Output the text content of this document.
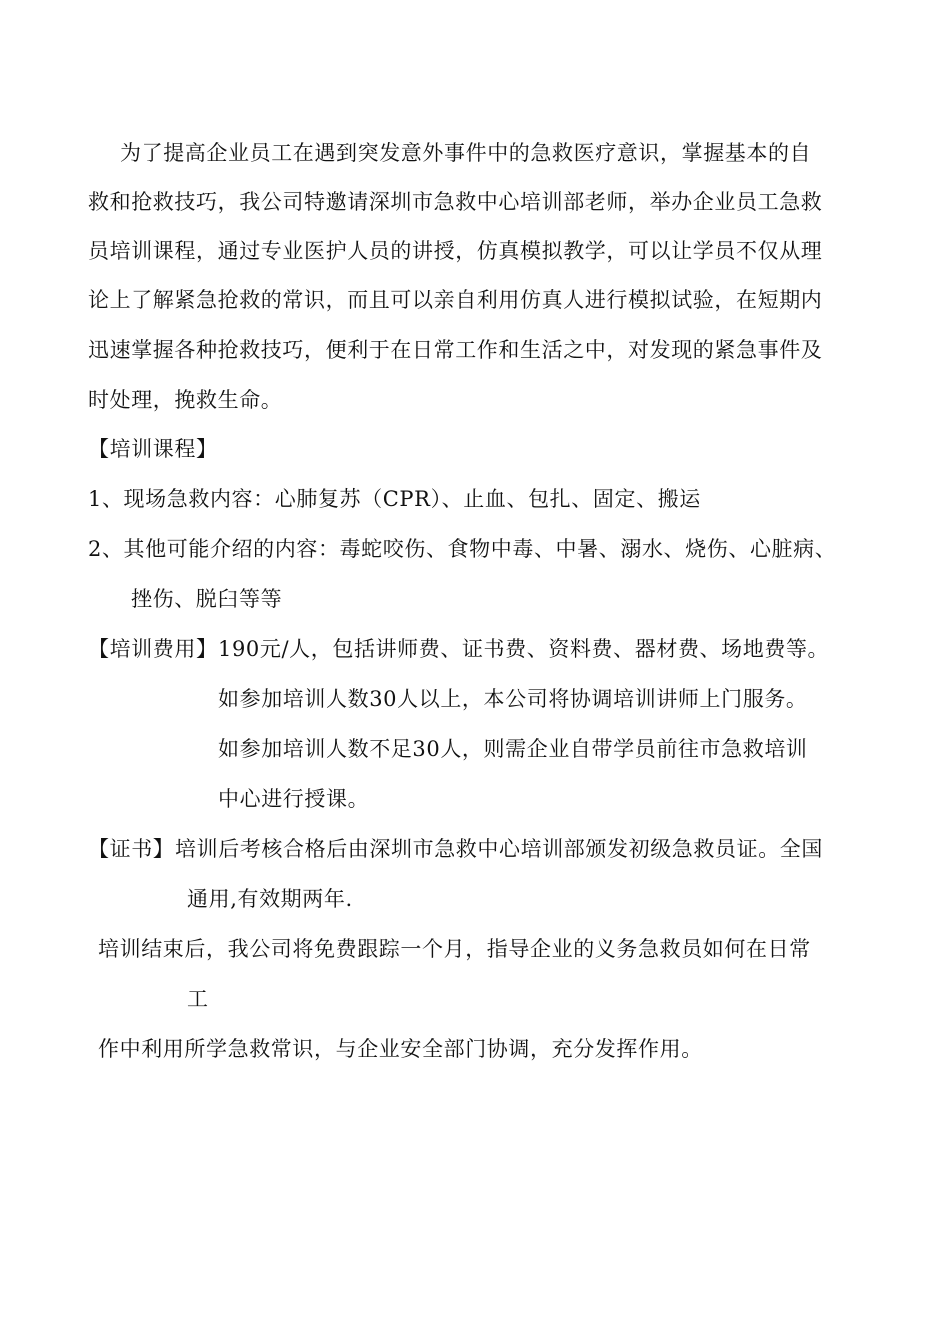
为了提高企业员工在遇到突发意外事件中的急救医疗意识，掌握基本的自
救和抢救技巧，我公司特邀请深圳市急救中心培训部老师，举办企业员工急救
员培训课程，通过专业医护人员的讲授，仿真模拟教学，可以让学员不仅从理
论上了解紧急抢救的常识，而且可以亲自利用仿真人进行模拟试验，在短期内
迅速掌握各种抢救技巧，便利于在日常工作和生活之中，对发现的紧急事件及
时处理，挽救生命。
【培训课程】
1、现场急救内容：心肺复苏（CPR）、止血、包扎、固定、搬运
2、其他可能介绍的内容：毒蛇咬伤、食物中毒、中暑、溺水、烧伤、心脏病、
挫伤、脱臼等等
【培训费用】 190元/人，包括讲师费、证书费、资料费、器材费、场地费等。
如参加培训人数30人以上，本公司将协调培训讲师上门服务。
如参加培训人数不足30人，则需企业自带学员前往市急救培训
中心进行授课。
【证书】 培训后考核合格后由深圳市急救中心培训部颁发初级急救员证。全国
通用,有效期两年.
培训结束后，我公司将免费跟踪一个月，指导企业的义务急救员如何在日常
工
作中利用所学急救常识，与企业安全部门协调，充分发挥作用。
